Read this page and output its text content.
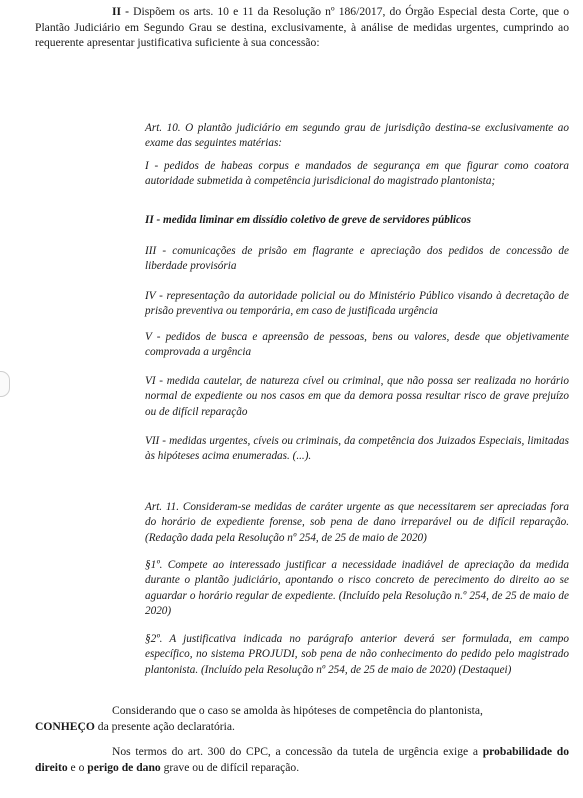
II - Dispõem os arts. 10 e 11 da Resolução nº 186/2017, do Órgão Especial desta Corte, que o Plantão Judiciário em Segundo Grau se destina, exclusivamente, à análise de medidas urgentes, cumprindo ao requerente apresentar justificativa suficiente à sua concessão:

Art. 10. O plantão judiciário em segundo grau de jurisdição destina-se exclusivamente ao exame das seguintes matérias:

I - pedidos de habeas corpus e mandados de segurança em que figurar como coatora autoridade submetida à competência jurisdicional do magistrado plantonista;

II - medida liminar em dissídio coletivo de greve de servidores públicos

III - comunicações de prisão em flagrante e apreciação dos pedidos de concessão de liberdade provisória

IV - representação da autoridade policial ou do Ministério Público visando à decretação de prisão preventiva ou temporária, em caso de justificada urgência

V - pedidos de busca e apreensão de pessoas, bens ou valores, desde que objetivamente comprovada a urgência

VI - medida cautelar, de natureza cível ou criminal, que não possa ser realizada no horário normal de expediente ou nos casos em que da demora possa resultar risco de grave prejuízo ou de difícil reparação

VII - medidas urgentes, cíveis ou criminais, da competência dos Juizados Especiais, limitadas às hipóteses acima enumeradas. (...).

Art. 11. Consideram-se medidas de caráter urgente as que necessitarem ser apreciadas fora do horário de expediente forense, sob pena de dano irreparável ou de difícil reparação. (Redação dada pela Resolução nº 254, de 25 de maio de 2020)

§1º. Compete ao interessado justificar a necessidade inadiável de apreciação da medida durante o plantão judiciário, apontando o risco concreto de perecimento do direito ao se aguardar o horário regular de expediente. (Incluído pela Resolução n.º 254, de 25 de maio de 2020)

§2º. A justificativa indicada no parágrafo anterior deverá ser formulada, em campo específico, no sistema PROJUDI, sob pena de não conhecimento do pedido pelo magistrado plantonista. (Incluído pela Resolução nº 254, de 25 de maio de 2020) (Destaquei)

Considerando que o caso se amolda às hipóteses de competência do plantonista,
CONHEÇO da presente ação declaratória.

Nos termos do art. 300 do CPC, a concessão da tutela de urgência exige a probabilidade do direito e o perigo de dano grave ou de difícil reparação.
